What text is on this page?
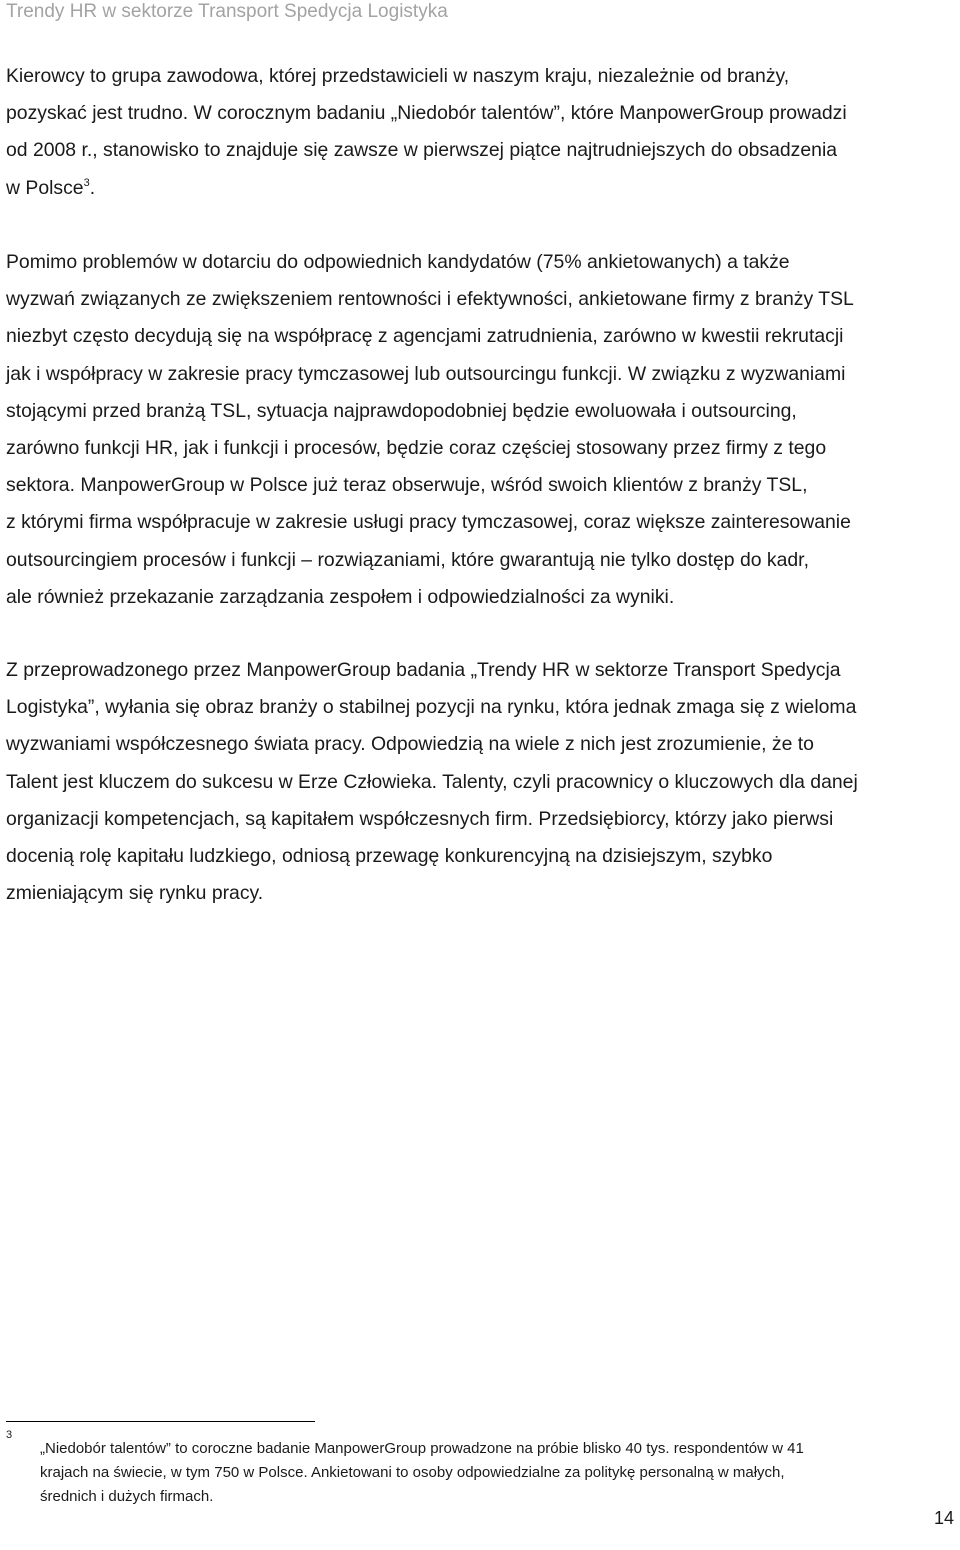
Trendy HR w sektorze Transport Spedycja Logistyka
Kierowcy to grupa zawodowa, której przedstawicieli w naszym kraju, niezależnie od branży,
pozyskać jest trudno. W corocznym badaniu „Niedobór talentów”, które ManpowerGroup prowadzi
od 2008 r., stanowisko to znajduje się zawsze w pierwszej piątce najtrudniejszych do obsadzenia
w Polsce$^3$.
Pomimo problemów w dotarciu do odpowiednich kandydatów (75% ankietowanych) a także
wyzwań związanych ze zwiększeniem rentowności i efektywności, ankietowane firmy z branży TSL
niezbyt często decydują się na współpracę z agencjami zatrudnienia, zarówno w kwestii rekrutacji
jak i współpracy w zakresie pracy tymczasowej lub outsourcingu funkcji. W związku z wyzwaniami
stojącymi przed branżą TSL, sytuacja najprawdopodobniej będzie ewoluowała i outsourcing,
zarówno funkcji HR, jak i funkcji i procesów, będzie coraz częściej stosowany przez firmy z tego
sektora. ManpowerGroup w Polsce już teraz obserwuje, wśród swoich klientów z branży TSL,
z którymi firma współpracuje w zakresie usługi pracy tymczasowej, coraz większe zainteresowanie
outsourcingiem procesów i funkcji – rozwiązaniami, które gwarantują nie tylko dostęp do kadr,
ale również przekazanie zarządzania zespołem i odpowiedzialności za wyniki.
Z przeprowadzonego przez ManpowerGroup badania „Trendy HR w sektorze Transport Spedycja
Logistyka”, wyłania się obraz branży o stabilnej pozycji na rynku, która jednak zmaga się z wieloma
wyzwaniami współczesnego świata pracy. Odpowiedzią na wiele z nich jest zrozumienie, że to
Talent jest kluczem do sukcesu w Erze Człowieka. Talenty, czyli pracownicy o kluczowych dla danej
organizacji kompetencjach, są kapitałem współczesnych firm. Przedsiębiorcy, którzy jako pierwsi
docenią rolę kapitału ludzkiego, odniosą przewagę konkurencyjną na dzisiejszym, szybko
zmieniającym się rynku pracy.
3
„Niedobór talentów” to coroczne badanie ManpowerGroup prowadzone na próbie blisko 40 tys. respondentów w 41
krajach na świecie, w tym 750 w Polsce. Ankietowani to osoby odpowiedzialne za politykę personalną w małych,
średnich i dużych firmach.
14
